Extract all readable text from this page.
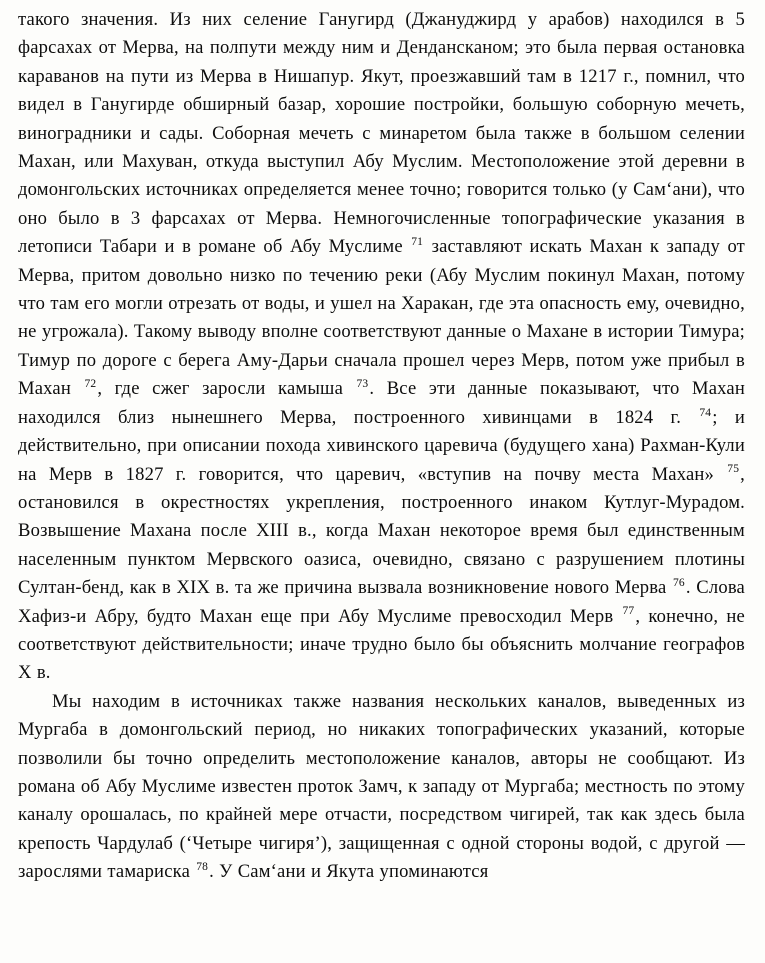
такого значения. Из них селение Ганугирд (Джануджирд у арабов) находился в 5 фарсахах от Мерва, на полпути между ним и Дендансканом; это была первая остановка караванов на пути из Мерва в Нишапур. Якут, проезжавший там в 1217 г., помнил, что видел в Ганугирде обширный базар, хорошие постройки, большую соборную мечеть, виноградники и сады. Соборная мечеть с минаретом была также в большом селении Махан, или Махуван, откуда выступил Абу Муслим. Местоположение этой деревни в домонгольских источниках определяется менее точно; говорится только (у Сам‘ани), что оно было в 3 фарсахах от Мерва. Немногочисленные топографические указания в летописи Табари и в романе об Абу Муслиме $^{71}$ заставляют искать Махан к западу от Мерва, притом довольно низко по течению реки (Абу Муслим покинул Махан, потому что там его могли отрезать от воды, и ушел на Харакан, где эта опасность ему, очевидно, не угрожала). Такому выводу вполне соответствуют данные о Махане в истории Тимура; Тимур по дороге с берега Аму-Дарьи сначала прошел через Мерв, потом уже прибыл в Махан $^{72}$, где сжег заросли камыша $^{73}$. Все эти данные показывают, что Махан находился близ нынешнего Мерва, построенного хивинцами в 1824 г. $^{74}$; и действительно, при описании похода хивинского царевича (будущего хана) Рахман-Кули на Мерв в 1827 г. говорится, что царевич, «вступив на почву места Махан» $^{75}$, остановился в окрестностях укрепления, построенного инаком Кутлуг-Мурадом. Возвышение Махана после XIII в., когда Махан некоторое время был единственным населенным пунктом Мервского оазиса, очевидно, связано с разрушением плотины Султан-бенд, как в XIX в. та же причина вызвала возникновение нового Мерва $^{76}$. Слова Хафиз-и Абру, будто Махан еще при Абу Муслиме превосходил Мерв $^{77}$, конечно, не соответствуют действительности; иначе трудно было бы объяснить молчание географов X в.

Мы находим в источниках также названия нескольких каналов, выведенных из Мургаба в домонгольский период, но никаких топографических указаний, которые позволили бы точно определить местоположение каналов, авторы не сообщают. Из романа об Абу Муслиме известен проток Замч, к западу от Мургаба; местность по этому каналу орошалась, по крайней мере отчасти, посредством чигирей, так как здесь была крепость Чардулаб (‘Четыре чигиря’), защищенная с одной стороны водой, с другой — зарослями тамариска $^{78}$. У Сам‘ани и Якута упоминаются
